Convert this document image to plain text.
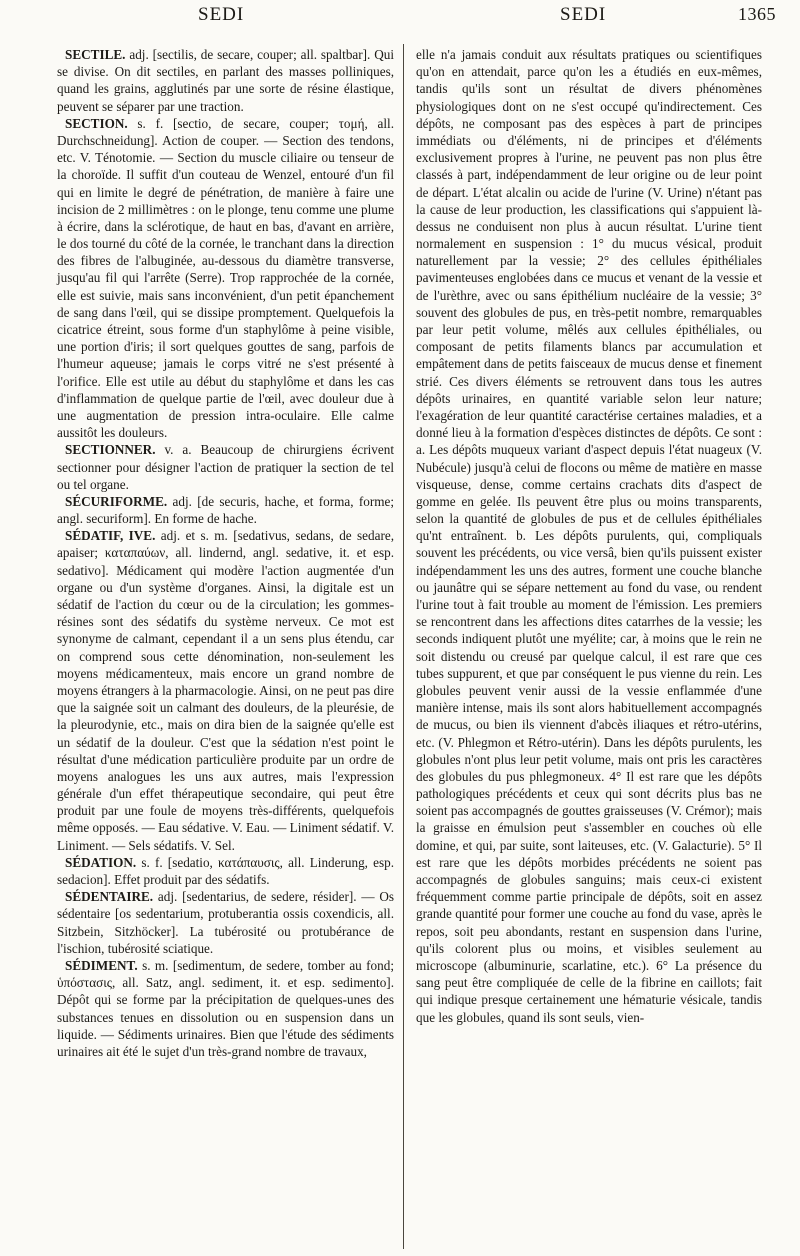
SEDI	SEDI	1365

SECTILE. adj. [sectilis, de secare, couper; all. spaltbar]. Qui se divise. On dit sectiles, en parlant des masses polliniques, quand les grains, agglutinés par une sorte de résine élastique, peuvent se séparer par une traction.

SECTION. s. f. [sectio, de secare, couper; τομή, all. Durchschneidung]. Action de couper. — Section des tendons, etc. V. Ténotomie. — Section du muscle ciliaire ou tenseur de la choroïde. Il suffit d'un couteau de Wenzel, entouré d'un fil qui en limite le degré de pénétration, de manière à faire une incision de 2 millimètres : on le plonge, tenu comme une plume à écrire, dans la sclérotique, de haut en bas, d'avant en arrière, le dos tourné du côté de la cornée, le tranchant dans la direction des fibres de l'albuginée, au-dessous du diamètre transverse, jusqu'au fil qui l'arrête (Serre). Trop rapprochée de la cornée, elle est suivie, mais sans inconvénient, d'un petit épanchement de sang dans l'œil, qui se dissipe promptement. Quelquefois la cicatrice étreint, sous forme d'un staphylôme à peine visible, une portion d'iris; il sort quelques gouttes de sang, parfois de l'humeur aqueuse; jamais le corps vitré ne s'est présenté à l'orifice. Elle est utile au début du staphylôme et dans les cas d'inflammation de quelque partie de l'œil, avec douleur due à une augmentation de pression intra-oculaire. Elle calme aussitôt les douleurs.

SECTIONNER. v. a. Beaucoup de chirurgiens écrivent sectionner pour désigner l'action de pratiquer la section de tel ou tel organe.

SÉCURIFORME. adj. [de securis, hache, et forma, forme; angl. securiform]. En forme de hache.

SÉDATIF, IVE. adj. et s. m. [sedativus, sedans, de sedare, apaiser; καταπαύων, all. lindernd, angl. sedative, it. et esp. sedativo]. Médicament qui modère l'action augmentée d'un organe ou d'un système d'organes. Ainsi, la digitale est un sédatif de l'action du cœur ou de la circulation; les gommes-résines sont des sédatifs du système nerveux. Ce mot est synonyme de calmant, cependant il a un sens plus étendu, car on comprend sous cette dénomination, non-seulement les moyens médicamenteux, mais encore un grand nombre de moyens étrangers à la pharmacologie. Ainsi, on ne peut pas dire que la saignée soit un calmant des douleurs, de la pleurésie, de la pleurodynie, etc., mais on dira bien de la saignée qu'elle est un sédatif de la douleur. C'est que la sédation n'est point le résultat d'une médication particulière produite par un ordre de moyens analogues les uns aux autres, mais l'expression générale d'un effet thérapeutique secondaire, qui peut être produit par une foule de moyens très-différents, quelquefois même opposés. — Eau sédative. V. Eau. — Liniment sédatif. V. Liniment. — Sels sédatifs. V. Sel.

SÉDATION. s. f. [sedatio, κατάπαυσις, all. Linderung, esp. sedacion]. Effet produit par des sédatifs.

SÉDENTAIRE. adj. [sedentarius, de sedere, résider]. — Os sédentaire [os sedentarium, protuberantia ossis coxendicis, all. Sitzbein, Sitzhöcker]. La tubérosité ou protubérance de l'ischion, tubérosité sciatique.

SÉDIMENT. s. m. [sedimentum, de sedere, tomber au fond; ὑπόστασις, all. Satz, angl. sediment, it. et esp. sedimento]. Dépôt qui se forme par la précipitation de quelques-unes des substances tenues en dissolution ou en suspension dans un liquide. — Sédiments urinaires. Bien que l'étude des sédiments urinaires ait été le sujet d'un très-grand nombre de travaux,

elle n'a jamais conduit aux résultats pratiques ou scientifiques qu'on en attendait, parce qu'on les a étudiés en eux-mêmes, tandis qu'ils sont un résultat de divers phénomènes physiologiques dont on ne s'est occupé qu'indirectement. Ces dépôts, ne composant pas des espèces à part de principes immédiats ou d'éléments, ni de principes et d'éléments exclusivement propres à l'urine, ne peuvent pas non plus être classés à part, indépendamment de leur origine ou de leur point de départ. L'état alcalin ou acide de l'urine (V. Urine) n'étant pas la cause de leur production, les classifications qui s'appuient là-dessus ne conduisent non plus à aucun résultat. L'urine tient normalement en suspension : 1° du mucus vésical, produit naturellement par la vessie; 2° des cellules épithéliales pavimenteuses englobées dans ce mucus et venant de la vessie et de l'urèthre, avec ou sans épithélium nucléaire de la vessie; 3° souvent des globules de pus, en très-petit nombre, remarquables par leur petit volume, mêlés aux cellules épithéliales, ou composant de petits filaments blancs par accumulation et empâtement dans de petits faisceaux de mucus dense et finement strié. Ces divers éléments se retrouvent dans tous les autres dépôts urinaires, en quantité variable selon leur nature; l'exagération de leur quantité caractérise certaines maladies, et a donné lieu à la formation d'espèces distinctes de dépôts. Ce sont : a. Les dépôts muqueux variant d'aspect depuis l'état nuageux (V. Nubécule) jusqu'à celui de flocons ou même de matière en masse visqueuse, dense, comme certains crachats dits d'aspect de gomme en gelée. Ils peuvent être plus ou moins transparents, selon la quantité de globules de pus et de cellules épithéliales qu'nt entraînent. b. Les dépôts purulents, qui, compliquals souvent les précédents, ou vice versâ, bien qu'ils puissent exister indépendamment les uns des autres, forment une couche blanche ou jaunâtre qui se sépare nettement au fond du vase, ou rendent l'urine tout à fait trouble au moment de l'émission. Les premiers se rencontrent dans les affections dites catarrhes de la vessie; les seconds indiquent plutôt une myélite; car, à moins que le rein ne soit distendu ou creusé par quelque calcul, il est rare que ces tubes suppurent, et que par conséquent le pus vienne du rein. Les globules peuvent venir aussi de la vessie enflammée d'une manière intense, mais ils sont alors habituellement accompagnés de mucus, ou bien ils viennent d'abcès iliaques et rétro-utérins, etc. (V. Phlegmon et Rétro-utérin). Dans les dépôts purulents, les globules n'ont plus leur petit volume, mais ont pris les caractères des globules du pus phlegmoneux. 4° Il est rare que les dépôts pathologiques précédents et ceux qui sont décrits plus bas ne soient pas accompagnés de gouttes graisseuses (V. Crémor); mais la graisse en émulsion peut s'assembler en couches où elle domine, et qui, par suite, sont laiteuses, etc. (V. Galacturie). 5° Il est rare que les dépôts morbides précédents ne soient pas accompagnés de globules sanguins; mais ceux-ci existent fréquemment comme partie principale de dépôts, soit en assez grande quantité pour former une couche au fond du vase, après le repos, soit peu abondants, restant en suspension dans l'urine, qu'ils colorent plus ou moins, et visibles seulement au microscope (albuminurie, scarlatine, etc.). 6° La présence du sang peut être compliquée de celle de la fibrine en caillots; fait qui indique presque certainement une hématurie vésicale, tandis que les globules, quand ils sont seuls, vien-
